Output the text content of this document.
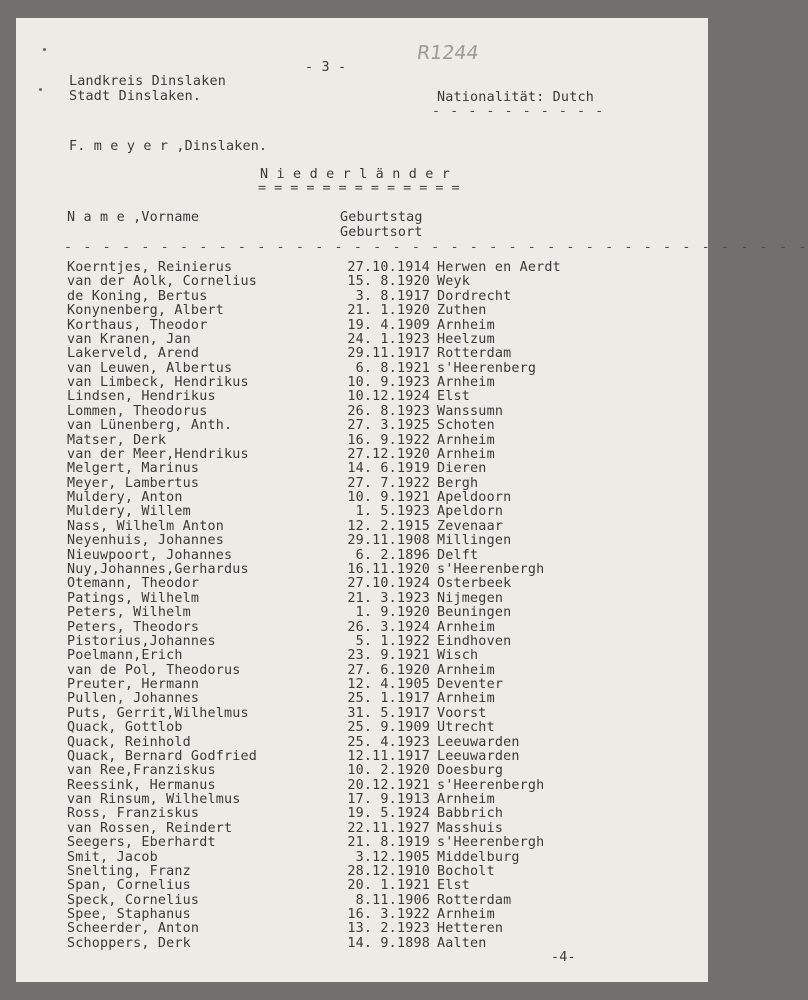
- 3 -
R1244
Landkreis Dinslaken
Stadt Dinslaken.	Nationalität: Dutch
- - - - - - - - - -
F. m e y e r ,Dinslaken.
N i e d e r l ä n d e r
= = = = = = = = = = = = =
N a m e ,Vorname	Geburtstag
Geburtsort
- - - - - - - - - - - - - - - - - - - - - - - - - - - - - - - - - - - - - - -
Koerntjes, Reinierus	27.10.1914 Herwen en Aerdt
van der Aolk, Cornelius	15. 8.1920 Weyk
de Koning, Bertus	3. 8.1917 Dordrecht
Konynenberg, Albert	21. 1.1920 Zuthen
Korthaus, Theodor	19. 4.1909 Arnheim
van Kranen, Jan	24. 1.1923 Heelzum
Lakerveld, Arend	29.11.1917 Rotterdam
van Leuwen, Albertus	6. 8.1921 s'Heerenberg
van Limbeck, Hendrikus	10. 9.1923 Arnheim
Lindsen, Hendrikus	10.12.1924 Elst
Lommen, Theodorus	26. 8.1923 Wanssumn
van Lünenberg, Anth.	27. 3.1925 Schoten
Matser, Derk	16. 9.1922 Arnheim
van der Meer,Hendrikus	27.12.1920 Arnheim
Melgert, Marinus	14. 6.1919 Dieren
Meyer, Lambertus	27. 7.1922 Bergh
Muldery, Anton	10. 9.1921 Apeldoorn
Muldery, Willem	1. 5.1923 Apeldorn
Nass, Wilhelm Anton	12. 2.1915 Zevenaar
Neyenhuis, Johannes	29.11.1908 Millingen
Nieuwpoort, Johannes	6. 2.1896 Delft
Nuy,Johannes,Gerhardus	16.11.1920 s'Heerenbergh
Otemann, Theodor	27.10.1924 Osterbeek
Patings, Wilhelm	21. 3.1923 Nijmegen
Peters, Wilhelm	1. 9.1920 Beuningen
Peters, Theodors	26. 3.1924 Arnheim
Pistorius,Johannes	5. 1.1922 Eindhoven
Poelmann,Erich	23. 9.1921 Wisch
van de Pol, Theodorus	27. 6.1920 Arnheim
Preuter, Hermann	12. 4.1905 Deventer
Pullen, Johannes	25. 1.1917 Arnheim
Puts, Gerrit,Wilhelmus	31. 5.1917 Voorst
Quack, Gottlob	25. 9.1909 Utrecht
Quack, Reinhold	25. 4.1923 Leeuwarden
Quack, Bernard Godfried	12.11.1917 Leeuwarden
van Ree,Franziskus	10. 2.1920 Doesburg
Reessink, Hermanus	20.12.1921 s'Heerenbergh
van Rinsum, Wilhelmus	17. 9.1913 Arnheim
Ross, Franziskus	19. 5.1924 Babbrich
van Rossen, Reindert	22.11.1927 Masshuis
Seegers, Eberhardt	21. 8.1919 s'Heerenbergh
Smit, Jacob	3.12.1905 Middelburg
Snelting, Franz	28.12.1910 Bocholt
Span, Cornelius	20. 1.1921 Elst
Speck, Cornelius	8.11.1906 Rotterdam
Spee, Staphanus	16. 3.1922 Arnheim
Scheerder, Anton	13. 2.1923 Hetteren
Schoppers, Derk	14. 9.1898 Aalten
-4-
